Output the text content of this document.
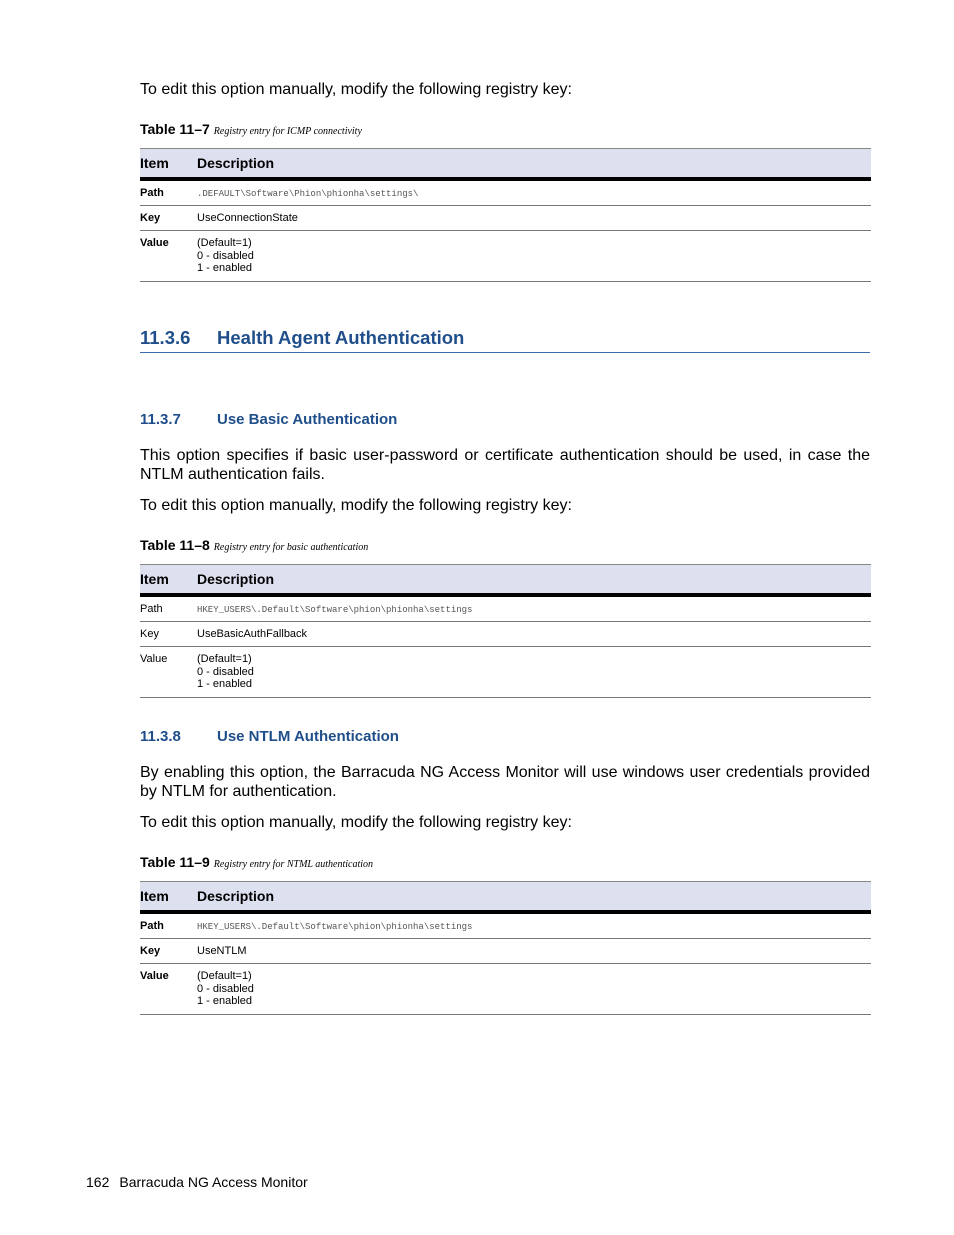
To edit this option manually, modify the following registry key:

Table 11–7 Registry entry for ICMP connectivity

Item	Description
Path	.DEFAULT\Software\Phion\phionha\settings\
Key	UseConnectionState
Value	(Default=1)
0 - disabled
1 - enabled
11.3.6 Health Agent Authentication
11.3.7 Use Basic Authentication

This option specifies if basic user-password or certificate authentication should be used, in case the NTLM authentication fails.

To edit this option manually, modify the following registry key:

Table 11–8 Registry entry for basic authentication

Item	Description
Path	HKEY_USERS\.Default\Software\phion\phionha\settings
Key	UseBasicAuthFallback
Value	(Default=1)
0 - disabled
1 - enabled
11.3.8 Use NTLM Authentication

By enabling this option, the Barracuda NG Access Monitor will use windows user credentials provided by NTLM for authentication.

To edit this option manually, modify the following registry key:

Table 11–9 Registry entry for NTML authentication

Item	Description
Path	HKEY_USERS\.Default\Software\phion\phionha\settings
Key	UseNTLM
Value	(Default=1)
0 - disabled
1 - enabled

162 Barracuda NG Access Monitor
